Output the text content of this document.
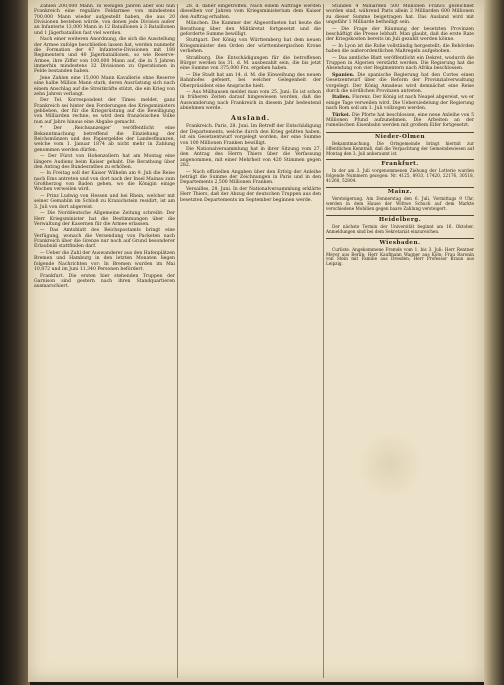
Zahlen 200,000 Mann. In wenigen Jahren aber soll nun Frankreich eine reguläre Feldarmee von mindestens 700,000 Mann wieder aufgestellt haben, die aus 20 Divisionen bestehen würde, von denen jede Division außer an Infanterie 13,000 Mann in 12 Bataillonen à 3 Bataillonen und 1 Jägerbataillon fast viel werden.

Nach einer weiteren Anordnung, die sich die Ausstellung der Armee zufolge beschließen lassen hat, werden nunmehr die Formation der 47 Infanterie-Divisionen mit 188 Regimentern und 40 Jägerbataillonen, so wie Reserve-Armee, ihre Ziffer von 100,000 Mann auf, die in 5 Jahren immerhin mindestens 32 Divisionen zu Operationen in Felde bestanden haben.

Jene Zahlen eine 15,000 Mann Kavallerie ohne Reserve eine halbe Million Mann stark, deren Ausrüstung sich nach einem Anschlag auf die Streitkräfte stützt, die ein Krieg von zehn Jahren verlangt.

Der Tel. Korrespondent der Times meldet, ganz Frankreich sei hinter den Forderungen des Kriegsministers geblieben, der für die Kriegsrüstung auf die Bewilligung von Milliarden rechne, es wird dem französischen Volke nun auf Jahre hinaus eine Abgabe gemacht.

* Der ‚Reichsanzeiger‘ veröffentlicht eine Bekanntmachung betreffend die Einziehung der Reichsmünzen und des Papiergeldes der Landesfinanzen, welche vom 1. Januar 1874 ab nicht mehr in Zahlung genommen werden dürfen.

— Der Fürst von Hohenzollern hat am Montag eine längere Audienz beim Kaiser gehabt. Die Berathung über den Antrag des Bundesrathes zu erhöhen.

— In Freitag soll der Kaiser Wilhelm am 9. Juli die Reise nach Ems antreten und von dort nach der Insel Mainau zum Großherzog von Baden gehen, wo die Königin einige Wochen verweilen wird.

— Prinz Ludwig von Hessen und bei Rhein, welcher mit seiner Gemahlin im Schloß zu Kranichstein residirt, ist am 3. Juli von dort abgereist.

— Die Norddeutsche Allgemeine Zeitung schreibt: Der Herr Kriegsminister hat die Bestimmungen über die Verwaltung der Kasernen für die Armee erlassen.

— Das Amtsblatt des Reichspostamts bringt eine Verfügung, wonach die Versendung von Packeten nach Frankreich über die Grenze nur noch auf Grund besonderer Erlaubniß stattfinden darf.

— Ueber die Zahl der Auswanderer aus den Hafenplätzen Bremen und Hamburg in den letzten Monaten liegen folgende Nachrichten vor: In Bremen wurden im Mai 10,872 und im Juni 11,340 Personen befördert.

Frankfurt. Die ersten hier stehenden Truppen der Garnison sind gestern nach ihren Standquartieren ausmarschiert.

28. d. daher eingetroffen. Nach einem Auftrage werden dieselben vor Jahren vom Kriegsministerium dem Kaiser den Auftrag erhalten.

München. Die Kammer der Abgeordneten hat heute die Berathung über den Militäretat fortgesetzt und die geforderte Summe bewilligt.

Stuttgart. Der König von Württemberg hat dem neuen Kriegsminister den Orden der württembergischen Krone verliehen.

Straßburg. Die Entschädigungen für die betroffenen Bürger werden bis 31. d. M. ausbezahlt sein, die bis jetzt eine Summe von 375,000 Frs. ergeben haben.

— Die Stadt hat am 14. d. M. die Einweihung des neuen Bahnhofes gefeiert, bei welcher Gelegenheit der Oberpräsident eine Ansprache hielt.

— Aus Mülhausen meldet man vom 25. Juni: Es ist schon in früheren Zeiten darauf hingewiesen worden, daß die Auswanderung nach Frankreich in diesem Jahr bedeutend abnehmen werde.

Ausland.

Frankreich. Paris, 28. Juni. Im Betreff der Entschädigung der Departements, welche durch den Krieg gelitten haben, ist ein Gesetzentwurf vorgelegt worden, der eine Summe von 100 Millionen Franken bewilligt.

Die Nationalversammlung hat in ihrer Sitzung vom 27. den Antrag des Herrn Thiers über die Verfassung angenommen, mit einer Mehrheit von 420 Stimmen gegen 282.

— Nach offiziellen Angaben über den Erfolg der Anleihe beträgt die Summe der Zeichnungen in Paris und in den Departements 2,500 Millionen Franken.

Versailles, 28. Juni. In der Nationalversammlung erklärte Herr Thiers, daß der Abzug der deutschen Truppen aus den besetzten Departements im September beginnen werde.

Stunden 4 Milliarden 500 Millionen Francs gezeichnet worden sind, während Paris allein 2 Milliarden 600 Millionen zu dieser Summe beigetragen hat. Das Ausland wird mit ungefähr 1 Milliarde betheiligt sein.

— Die Frage der Räumung der besetzten Provinzen beschäftigt die Presse lebhaft. Man glaubt, daß die erste Rate der Kriegskosten bereits im Juli gezahlt werden könne.

— In Lyon ist die Ruhe vollständig hergestellt; die Behörden haben die außerordentlichen Maßregeln aufgehoben.

— Das amtliche Blatt veröffentlicht ein Dekret, wodurch die Truppen in Algerien verstärkt werden. Die Regierung hat die Absendung von vier Regimentern nach Afrika beschlossen.

Spanien. Die spanische Regierung hat den Cortes einen Gesetzentwurf über die Reform der Provinzialverwaltung vorgelegt. Der König Amadeus wird demnächst eine Reise durch die nördlichen Provinzen antreten.

Italien. Florenz. Der König ist nach Neapel abgereist, wo er einige Tage verweilen wird. Die Uebersiedelung der Regierung nach Rom soll am 1. Juli vollzogen werden.

Türkei. Die Pforte hat beschlossen, eine neue Anleihe von 5 Millionen Pfund aufzunehmen. Die Arbeiten an der rumelischen Eisenbahn werden mit großem Eifer fortgesetzt.

Nieder-Olmen

Bekanntmachung. Die Ortsgemeinde bringt hiermit zur öffentlichen Kenntniß, daß die Verpachtung der Gemeindewiesen auf Montag den 3. Juli anberaumt ist.

Frankfurt.

In der am 3. Juli vorgenommenen Ziehung der Lotterie wurden folgende Nummern gezogen: Nr. 4125, 8933, 17420, 22176, 30518, 41260, 52804.

Mainz.

Versteigerung. Am Donnerstag den 6. Juli, Vormittags 9 Uhr, werden in dem Hause der Wittwe Schuck auf dem Markte verschiedene Mobilien gegen baare Zahlung versteigert.

Heidelberg.

Der nächste Termin der Universität beginnt am 16. Oktober. Anmeldungen sind bei dem Sekretariat einzureichen.

Wiesbaden.

Curliste. Angekommene Fremde vom 1. bis 3. Juli: Herr Rentner Meyer aus Berlin; Herr Kaufmann Wagner aus Köln; Frau Baronin von Stein mit Familie aus Dresden; Herr Professor Braun aus Leipzig.
